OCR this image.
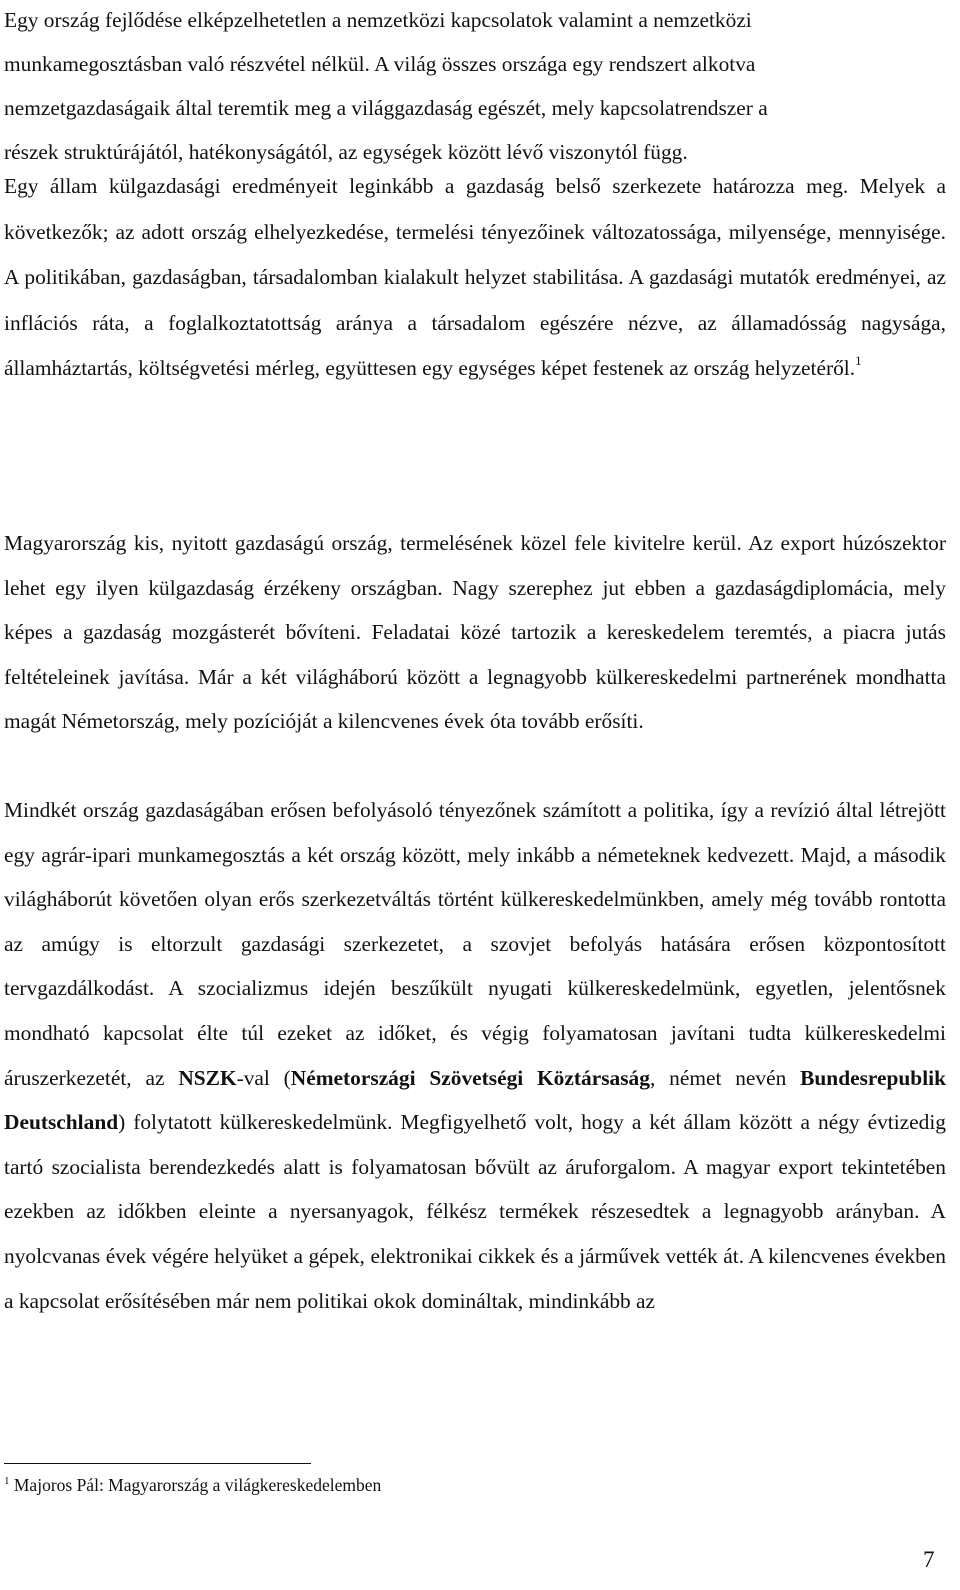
Egy ország fejlődése elképzelhetetlen a nemzetközi kapcsolatok valamint a nemzetközi
munkamegosztásban való részvétel nélkül. A világ összes országa egy rendszert alkotva
nemzetgazdaságaik által teremtik meg a világgazdaság egészét, mely kapcsolatrendszer a
részek struktúrájától, hatékonyságától, az egységek között lévő viszonytól függ.

Egy állam külgazdasági eredményeit leginkább a gazdaság belső szerkezete határozza meg. Melyek a következők; az adott ország elhelyezkedése, termelési tényezőinek változatossága, milyensége, mennyisége. A politikában, gazdaságban, társadalomban kialakult helyzet stabilitása. A gazdasági mutatók eredményei, az inflációs ráta, a foglalkoztatottság aránya a társadalom egészére nézve, az államadósság nagysága, államháztartás, költségvetési mérleg, együttesen egy egységes képet festenek az ország helyzetéről.$^1$

Magyarország kis, nyitott gazdaságú ország, termelésének közel fele kivitelre kerül. Az export húzószektor lehet egy ilyen külgazdaság érzékeny országban. Nagy szerephez jut ebben a gazdaságdiplomácia, mely képes a gazdaság mozgásterét bővíteni. Feladatai közé tartozik a kereskedelem teremtés, a piacra jutás feltételeinek javítása. Már a két világháború között a legnagyobb külkereskedelmi partnerének mondhatta magát Németország, mely pozícióját a kilencvenes évek óta tovább erősíti.

Mindkét ország gazdaságában erősen befolyásoló tényezőnek számított a politika, így a revízió által létrejött egy agrár-ipari munkamegosztás a két ország között, mely inkább a németeknek kedvezett. Majd, a második világháborút követően olyan erős szerkezetváltás történt külkereskedelmünkben, amely még tovább rontotta az amúgy is eltorzult gazdasági szerkezetet, a szovjet befolyás hatására erősen központosított tervgazdálkodást. A szocializmus idején beszűkült nyugati külkereskedelmünk, egyetlen, jelentősnek mondható kapcsolat élte túl ezeket az időket, és végig folyamatosan javítani tudta külkereskedelmi áruszerkezetét, az NSZK-val (Németországi Szövetségi Köztársaság, német nevén Bundesrepublik Deutschland) folytatott külkereskedelmünk. Megfigyelhető volt, hogy a két állam között a négy évtizedig tartó szocialista berendezkedés alatt is folyamatosan bővült az áruforgalom. A magyar export tekintetében ezekben az időkben eleinte a nyersanyagok, félkész termékek részesedtek a legnagyobb arányban. A nyolcvanas évek végére helyüket a gépek, elektronikai cikkek és a járművek vették át. A kilencvenes években a kapcsolat erősítésében már nem politikai okok domináltak, mindinkább az

$^1$ Majoros Pál: Magyarország a világkereskedelemben
7
